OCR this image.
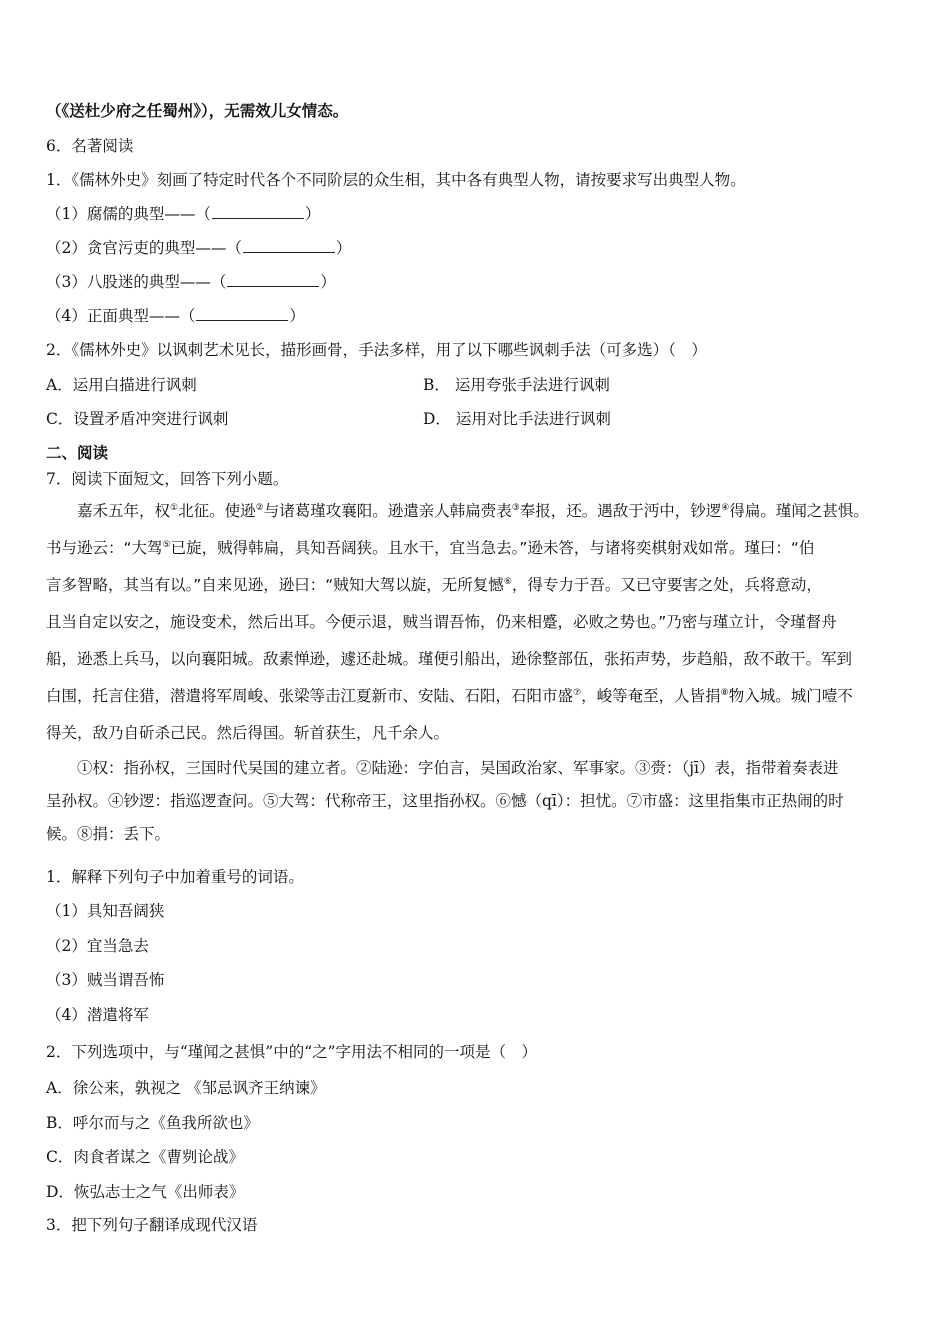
（《送杜少府之任蜀州》），无需效儿女情态。
6．名著阅读
1．《儒林外史》刻画了特定时代各个不同阶层的众生相，其中各有典型人物，请按要求写出典型人物。
（1）腐儒的典型——（	）
（2）贪官污吏的典型——（	）
（3）八股迷的典型——（	）
（4）正面典型——（	）
2．《儒林外史》以讽刺艺术见长，描形画骨，手法多样，用了以下哪些讽刺手法（可多选）（　）
A．运用白描进行讽刺	B． 运用夸张手法进行讽刺
C．设置矛盾冲突进行讽刺	D． 运用对比手法进行讽刺
二、阅读
7．阅读下面短文，回答下列小题。
嘉禾五年，权①北征。使逊②与诸葛瑾攻襄阳。逊遣亲人韩扁赍表③奉报，还。遇敌于沔中，钞逻④得扁。瑾闻之甚惧。
书与逊云：“大驾⑤已旋，贼得韩扁，具知吾阔狭。且水干，宜当急去。”逊未答，与诸将奕棋射戏如常。瑾曰：“伯
言多智略，其当有以。”自来见逊，逊曰：“贼知大驾以旋，无所复憾⑥，得专力于吾。又已守要害之处，兵将意动，
且当自定以安之，施设变术，然后出耳。今便示退，贼当谓吾怖，仍来相蹙，必败之势也。”乃密与瑾立计，令瑾督舟
船，逊悉上兵马，以向襄阳城。敌素惮逊，遽还赴城。瑾便引船出，逊徐整部伍，张拓声势，步趋船，敌不敢干。军到
白围，托言住猎，潜遣将军周峻、张梁等击江夏新市、安陆、石阳，石阳市盛⑦，峻等奄至，人皆捐⑧物入城。城门噎不
得关，敌乃自斫杀己民。然后得国。斩首获生，凡千余人。
①权：指孙权，三国时代吴国的建立者。②陆逊：字伯言，吴国政治家、军事家。③赍：（jī）表，指带着奏表进
呈孙权。④钞逻：指巡逻查问。⑤大驾：代称帝王，这里指孙权。⑥憾（qī）：担忧。⑦市盛：这里指集市正热闹的时
候。⑧捐：丢下。
1．解释下列句子中加着重号的词语。
（1）具知吾阔狭
（2）宜当急去
（3）贼当谓吾怖
（4）潜遣将军
2．下列选项中，与“瑾闻之甚惧”中的“之”字用法不相同的一项是（　）
A．徐公来，孰视之 《邹忌讽齐王纳谏》
B．呼尔而与之《鱼我所欲也》
C．肉食者谋之《曹刿论战》
D．恢弘志士之气《出师表》
3．把下列句子翻译成现代汉语
